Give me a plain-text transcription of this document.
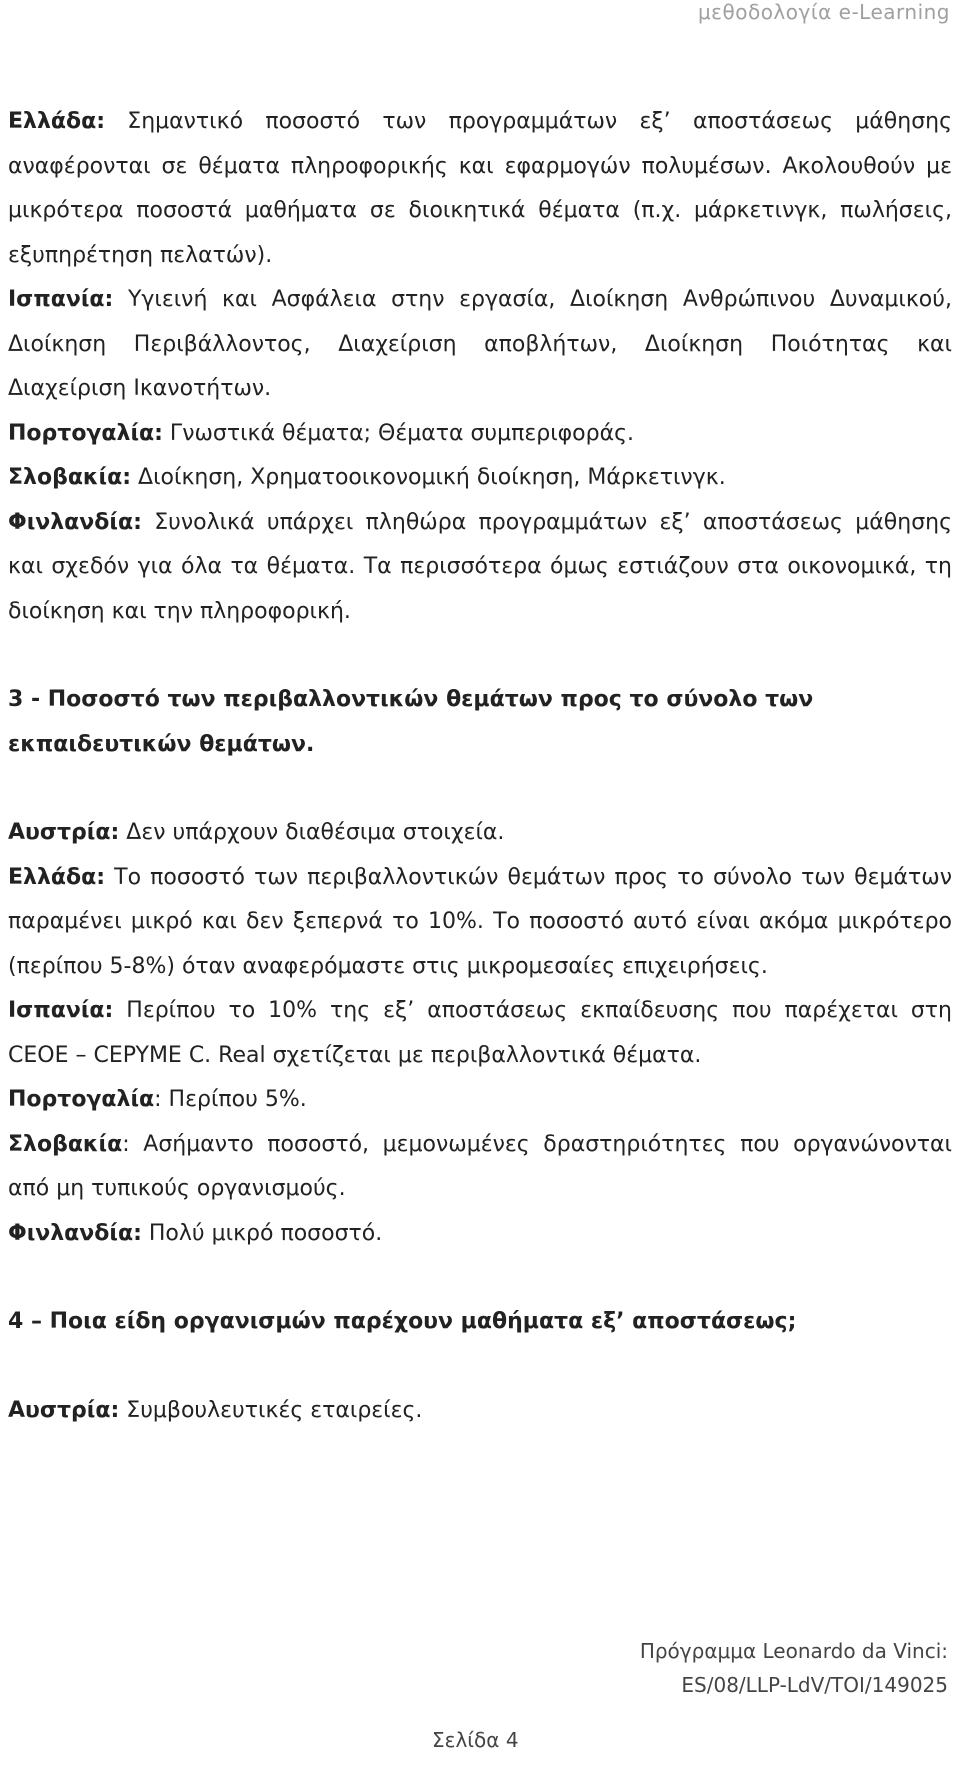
μεθοδολογία e-Learning

Ελλάδα: Σημαντικό ποσοστό των προγραμμάτων εξ’ αποστάσεως μάθησης αναφέρονται σε θέματα πληροφορικής και εφαρμογών πολυμέσων. Ακολουθούν με μικρότερα ποσοστά μαθήματα σε διοικητικά θέματα (π.χ. μάρκετινγκ, πωλήσεις, εξυπηρέτηση πελατών).

Ισπανία: Υγιεινή και Ασφάλεια στην εργασία, Διοίκηση Ανθρώπινου Δυναμικού, Διοίκηση Περιβάλλοντος, Διαχείριση αποβλήτων, Διοίκηση Ποιότητας και Διαχείριση Ικανοτήτων.

Πορτογαλία: Γνωστικά θέματα; Θέματα συμπεριφοράς.

Σλοβακία: Διοίκηση, Χρηματοοικονομική διοίκηση, Μάρκετινγκ.

Φινλανδία: Συνολικά υπάρχει πληθώρα προγραμμάτων εξ’ αποστάσεως μάθησης και σχεδόν για όλα τα θέματα. Τα περισσότερα όμως εστιάζουν στα οικονομικά, τη διοίκηση και την πληροφορική.

3 - Ποσοστό των περιβαλλοντικών θεμάτων προς το σύνολο των εκπαιδευτικών θεμάτων.

Αυστρία: Δεν υπάρχουν διαθέσιμα στοιχεία.

Ελλάδα: Το ποσοστό των περιβαλλοντικών θεμάτων προς το σύνολο των θεμάτων παραμένει μικρό και δεν ξεπερνά το 10%. Το ποσοστό αυτό είναι ακόμα μικρότερο (περίπου 5-8%) όταν αναφερόμαστε στις μικρομεσαίες επιχειρήσεις.

Ισπανία: Περίπου το 10% της εξ’ αποστάσεως εκπαίδευσης που παρέχεται στη CEOE – CEPYME C. Real σχετίζεται με περιβαλλοντικά θέματα.

Πορτογαλία: Περίπου 5%.

Σλοβακία: Ασήμαντο ποσοστό, μεμονωμένες δραστηριότητες που οργανώνονται από μη τυπικούς οργανισμούς.

Φινλανδία: Πολύ μικρό ποσοστό.

4 – Ποια είδη οργανισμών παρέχουν μαθήματα εξ’ αποστάσεως;

Αυστρία: Συμβουλευτικές εταιρείες.

Πρόγραμμα Leonardo da Vinci:
ES/08/LLP-LdV/TOI/149025
Σελίδα 4
